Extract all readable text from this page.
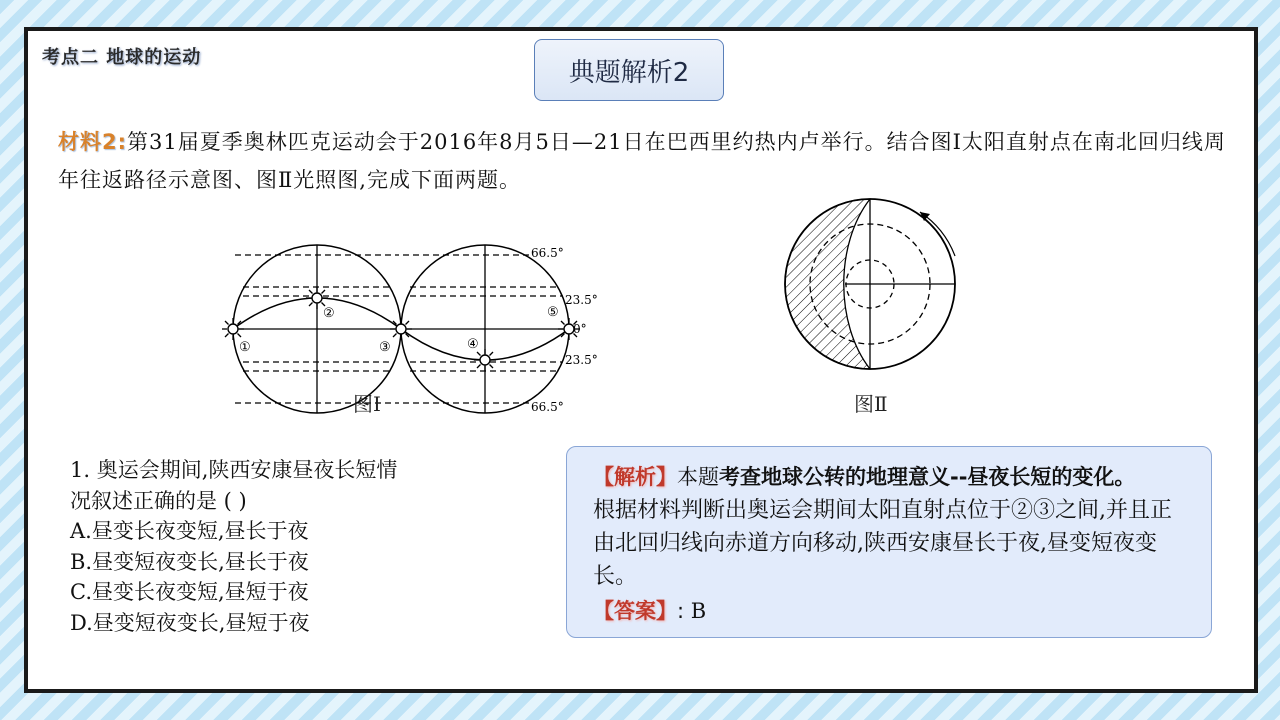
考点二 地球的运动	典题解析2
材料2:第31届夏季奥林匹克运动会于2016年8月5日—21日在巴西里约热内卢举行。结合图Ⅰ太阳直射点在南北回归线周年往返路径示意图、图Ⅱ光照图,完成下面两题。
①
②
③	④
⑤
66.5°
23.5°
0°
23.5°
66.5°
图Ⅰ	图Ⅱ
1. 奥运会期间,陕西安康昼夜长短情
况叙述正确的是 ( )
A.昼变长夜变短,昼长于夜
B.昼变短夜变长,昼长于夜
C.昼变长夜变短,昼短于夜
D.昼变短夜变长,昼短于夜
【解析】本题考查地球公转的地理意义--昼夜长短的变化。
根据材料判断出奥运会期间太阳直射点位于②③之间,并且正由北回归线向赤道方向移动,陕西安康昼长于夜,昼变短夜变长。
【答案】: B
